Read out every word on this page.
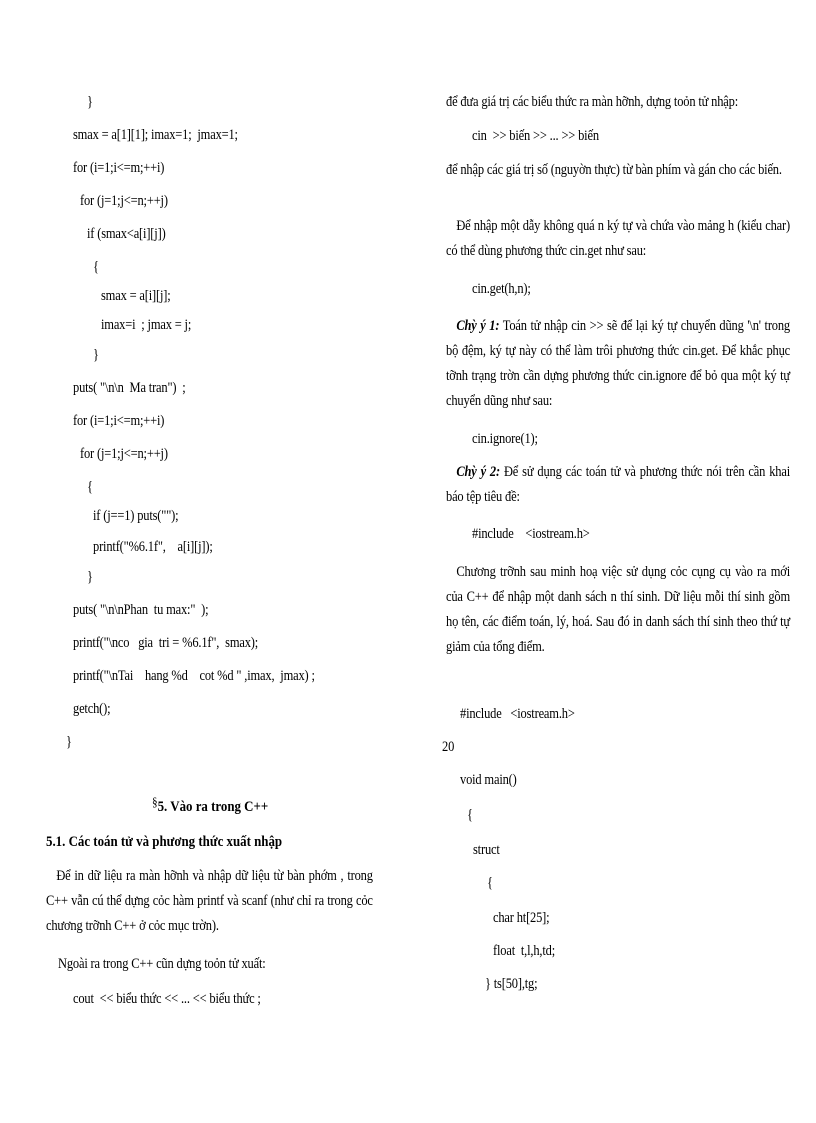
}
smax = a[1][1]; imax=1;  jmax=1;
for (i=1;i<=m;++i)
for (j=1;j<=n;++j)
if (smax<a[i][j])
{
smax = a[i][j];
imax=i  ; jmax = j;
}
puts( "\n\n  Ma tran")  ;
for (i=1;i<=m;++i)
for (j=1;j<=n;++j)
{
if (j==1) puts("");
printf("%6.1f",    a[i][j]);
}
puts( "\n\nPhan  tu max:"  );
printf("\nco   gia  tri = %6.1f",  smax);
printf("\nTai    hang %d    cot %d " ,imax,  jmax) ;
getch();
}
§5. Vào ra trong C++
5.1. Các toán tử và phương thức xuất nhập
Để in dữ liệu ra màn hỡnh và nhập dữ liệu từ bàn phớm , trong C++ vẫn cú thể dựng cỏc hàm printf và scanf (như chỉ ra trong cỏc chương trỡnh C++ ở cỏc mục trờn).
Ngoài ra trong C++ cũn dựng toỏn tử xuất:
cout  << biểu thức << ... << biểu thức ;
để đưa giá trị các biểu thức ra màn hỡnh, dựng toỏn tử nhập:
cin  >> biến >> ... >> biến
để nhập các giá trị số (nguyờn thực) từ bàn phím và gán cho các biến.
Để nhập một dẫy không quá n ký tự và chứa vào mảng h (kiểu char) có thể dùng phương thức cin.get như sau:
cin.get(h,n);
Chỳ ý 1: Toán tử nhập cin >> sẽ để lại ký tự chuyển dũng '\n' trong bộ đệm, ký tự này có thể làm trôi phương thức cin.get. Để khắc phục tỡnh trạng trờn cần dựng phương thức cin.ignore để bỏ qua một ký tự chuyển dũng như sau:
cin.ignore(1);
Chỳ ý 2: Để sử dụng các toán tử và phương thức nói trên cần khai báo tệp tiêu đề:
#include    <iostream.h>
Chương trỡnh sau minh hoạ việc sử dụng cỏc cụng cụ vào ra mới của C++ để nhập một danh sách n thí sinh. Dữ liệu mỗi thí sinh gồm họ tên, các điểm toán, lý, hoá. Sau đó in danh sách thí sinh theo thứ tự giảm của tổng điểm.
#include   <iostream.h>
20
void main()
{
struct
{
char ht[25];
float  t,l,h,td;
} ts[50],tg;
